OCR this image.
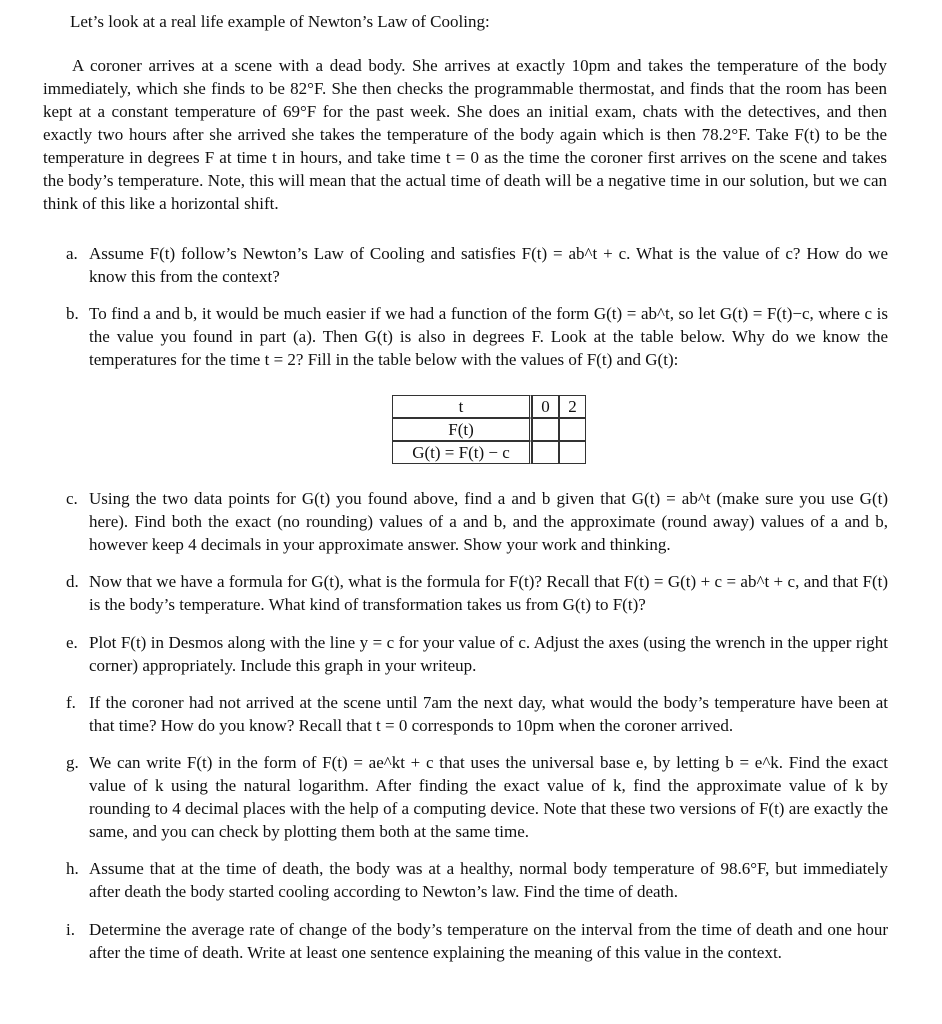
Let’s look at a real life example of Newton’s Law of Cooling:
A coroner arrives at a scene with a dead body. She arrives at exactly 10pm and takes the temperature of the body immediately, which she finds to be 82°F. She then checks the programmable thermostat, and finds that the room has been kept at a constant temperature of 69°F for the past week. She does an initial exam, chats with the detectives, and then exactly two hours after she arrived she takes the temperature of the body again which is then 78.2°F. Take F(t) to be the temperature in degrees F at time t in hours, and take time t = 0 as the time the coroner first arrives on the scene and takes the body’s temperature. Note, this will mean that the actual time of death will be a negative time in our solution, but we can think of this like a horizontal shift.
a. Assume F(t) follow’s Newton’s Law of Cooling and satisfies F(t) = ab^t + c. What is the value of c? How do we know this from the context?
b. To find a and b, it would be much easier if we had a function of the form G(t) = ab^t, so let G(t) = F(t)−c, where c is the value you found in part (a). Then G(t) is also in degrees F. Look at the table below. Why do we know the temperatures for the time t = 2? Fill in the table below with the values of F(t) and G(t):
t	0	2
F(t)		
G(t) = F(t) − c		
c. Using the two data points for G(t) you found above, find a and b given that G(t) = ab^t (make sure you use G(t) here). Find both the exact (no rounding) values of a and b, and the approximate (round away) values of a and b, however keep 4 decimals in your approximate answer. Show your work and thinking.
d. Now that we have a formula for G(t), what is the formula for F(t)? Recall that F(t) = G(t) + c = ab^t + c, and that F(t) is the body’s temperature. What kind of transformation takes us from G(t) to F(t)?
e. Plot F(t) in Desmos along with the line y = c for your value of c. Adjust the axes (using the wrench in the upper right corner) appropriately. Include this graph in your writeup.
f. If the coroner had not arrived at the scene until 7am the next day, what would the body’s temperature have been at that time? How do you know? Recall that t = 0 corresponds to 10pm when the coroner arrived.
g. We can write F(t) in the form of F(t) = ae^kt + c that uses the universal base e, by letting b = e^k. Find the exact value of k using the natural logarithm. After finding the exact value of k, find the approximate value of k by rounding to 4 decimal places with the help of a computing device. Note that these two versions of F(t) are exactly the same, and you can check by plotting them both at the same time.
h. Assume that at the time of death, the body was at a healthy, normal body temperature of 98.6°F, but immediately after death the body started cooling according to Newton’s law. Find the time of death.
i. Determine the average rate of change of the body’s temperature on the interval from the time of death and one hour after the time of death. Write at least one sentence explaining the meaning of this value in the context.
